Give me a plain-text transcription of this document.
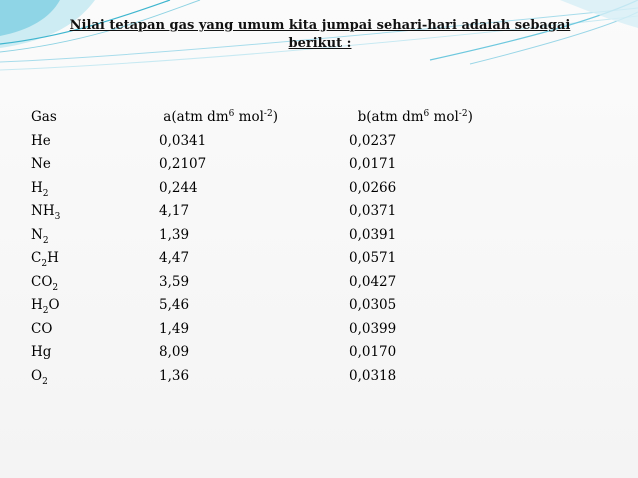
Nilai tetapan gas yang umum kita jumpai sehari-hari adalah sebagai
berikut :
Gas	a(atm $dm^6$ mol$^{-2}$)	b(atm $dm^6$ mol$^{-2}$)
He	0,0341	0,0237
Ne	0,2107	0,0171
$H_2$	0,244	0,0266
$NH_3$	4,17	0,0371
$N_2$	1,39	0,0391
$C_2H$	4,47	0,0571
$CO_2$	3,59	0,0427
$H_2O$	5,46	0,0305
CO	1,49	0,0399
Hg	8,09	0,0170
$O_2$	1,36	0,0318
